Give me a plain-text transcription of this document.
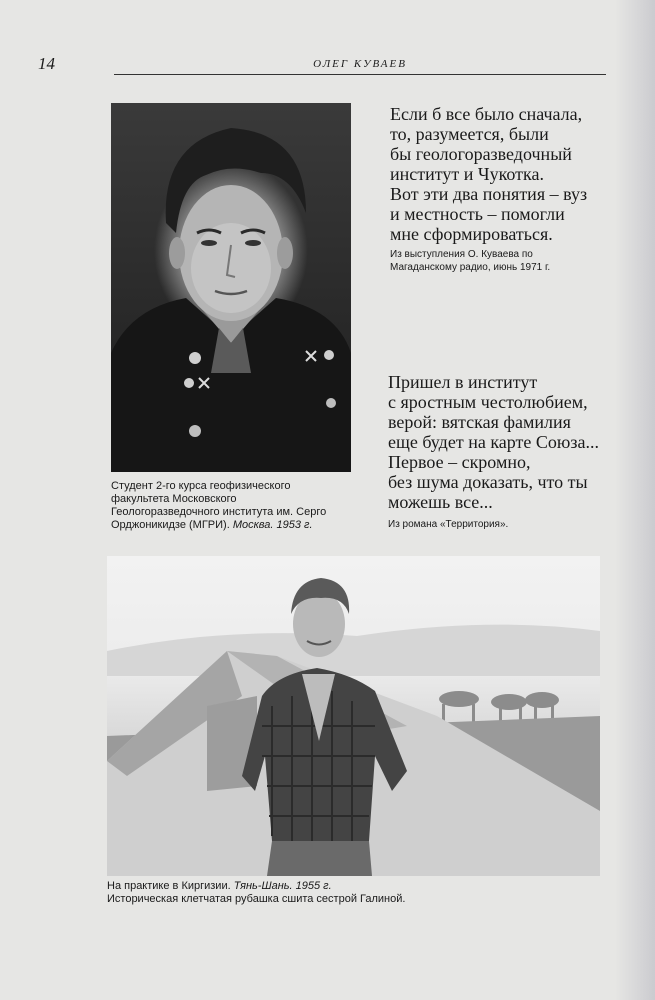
14	ОЛЕГ КУВАЕВ
Студент 2-го курса геофизического
факультета Московского
Геологоразведочного института им. Серго
Орджоникидзе (МГРИ). Москва. 1953 г.
Если б все было сначала,
то, разумеется, были
бы геологоразведочный
институт и Чукотка.
Вот эти два понятия – вуз
и местность – помогли
мне сформироваться.
Из выступления О. Куваева по
Магаданскому радио, июнь 1971 г.
Пришел в институт
с яростным честолюбием,
верой: вятская фамилия
еще будет на карте Союза...
Первое – скромно,
без шума доказать, что ты
можешь все...
Из романа «Территория».
На практике в Киргизии. Тянь-Шань. 1955 г.
Историческая клетчатая рубашка сшита сестрой Галиной.
